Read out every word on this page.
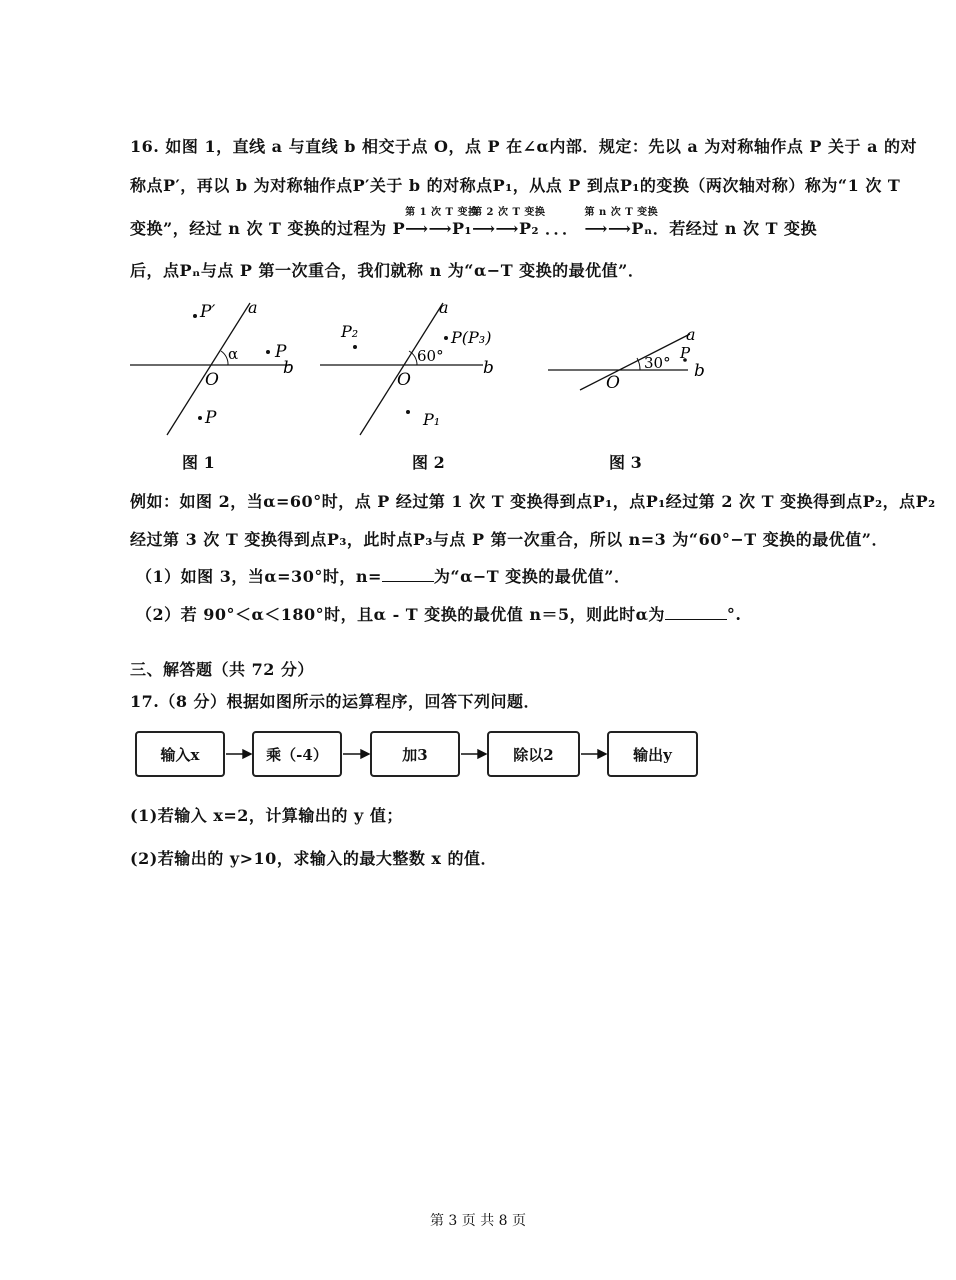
16. 如图 1，直线 a 与直线 b 相交于点 O，点 P 在∠α内部．规定：先以 a 为对称轴作点 P 关于 a 的对
称点P′，再以 b 为对称轴作点P′关于 b 的对称点P₁，从点 P 到点P₁的变换（两次轴对称）称为“1 次 T
变换”，经过 n 次 T 变换的过程为 P
第 1 次 T 变换
⟶⟶P₁
第 2 次 T 变换
⟶⟶P₂ ．．．
第 n 次 T 变换
⟶⟶Pₙ．若经过 n 次 T 变换
后，点Pₙ与点 P 第一次重合，我们就称 n 为“α−T 变换的最优值”．
P′ a
α P
b
O
P
图 1
P₂
a
P(P₃)
60°
b
O
P₁
图 2
a
30°
P
b
O
图 3
例如：如图 2，当α=60°时，点 P 经过第 1 次 T 变换得到点P₁，点P₁经过第 2 次 T 变换得到点P₂，点P₂
经过第 3 次 T 变换得到点P₃，此时点P₃与点 P 第一次重合，所以 n=3 为“60°−T 变换的最优值”．
（1）如图 3，当α=30°时，n=	为“α−T 变换的最优值”．
（2）若 90°＜α＜180°时，且α - T 变换的最优值 n＝5，则此时α为	°.
三、解答题（共 72 分）
17.（8 分）根据如图所示的运算程序，回答下列问题．
输入x	乘（-4）	加3	除以2	输出y
(1)若输入 x=2，计算输出的 y 值；
(2)若输出的 y>10，求输入的最大整数 x 的值．
第 3 页 共 8 页
